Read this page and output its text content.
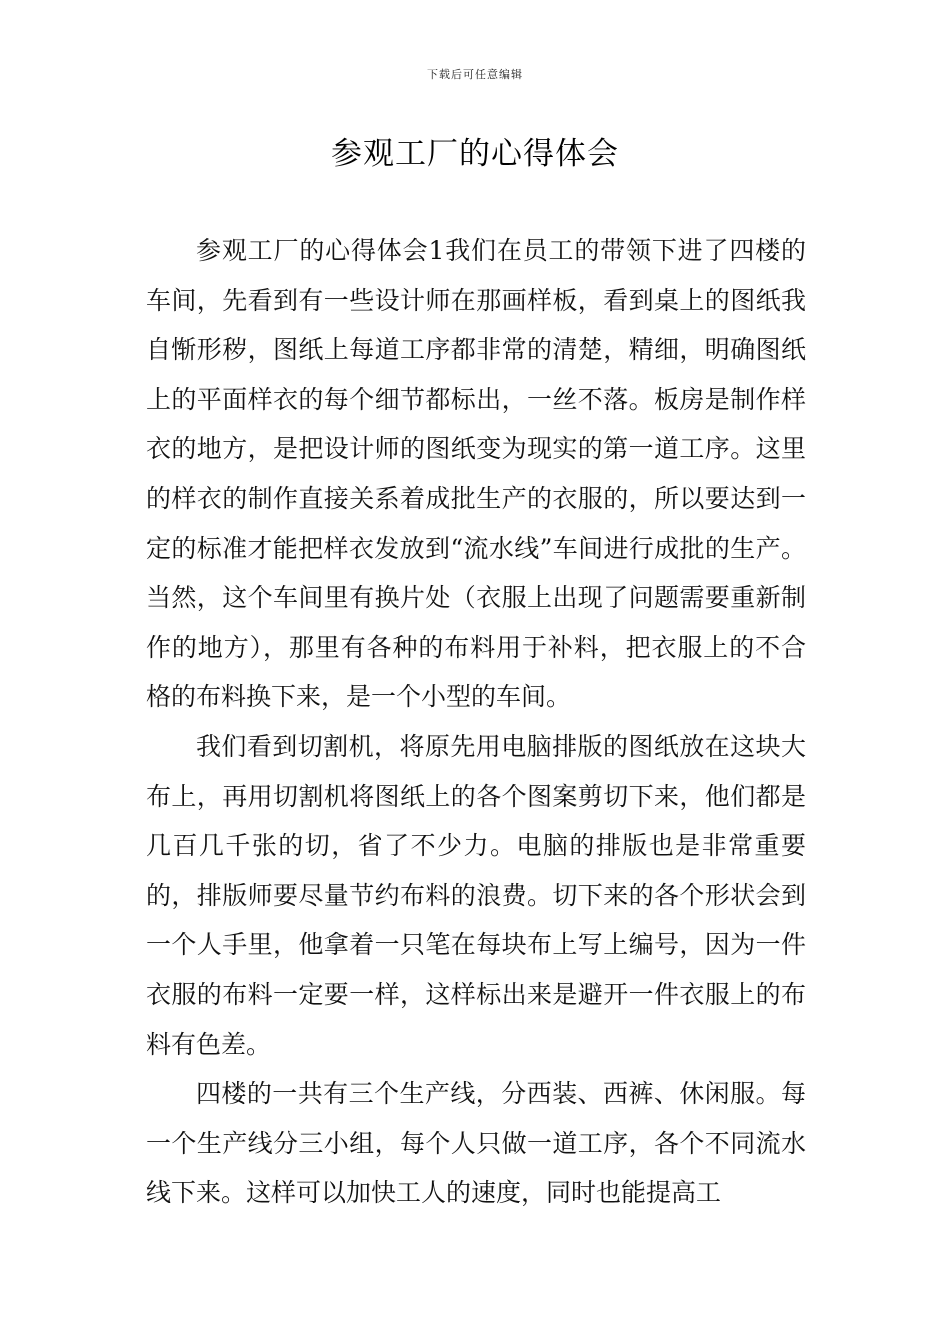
下载后可任意编辑
参观工厂的心得体会

参观工厂的心得体会1我们在员工的带领下进了四楼的车间，先看到有一些设计师在那画样板，看到桌上的图纸我自惭形秽，图纸上每道工序都非常的清楚，精细，明确图纸上的平面样衣的每个细节都标出，一丝不落。板房是制作样衣的地方，是把设计师的图纸变为现实的第一道工序。这里的样衣的制作直接关系着成批生产的衣服的，所以要达到一定的标准才能把样衣发放到“流水线”车间进行成批的生产。当然，这个车间里有换片处（衣服上出现了问题需要重新制作的地方），那里有各种的布料用于补料，把衣服上的不合格的布料换下来，是一个小型的车间。

我们看到切割机，将原先用电脑排版的图纸放在这块大布上，再用切割机将图纸上的各个图案剪切下来，他们都是几百几千张的切，省了不少力。电脑的排版也是非常重要的，排版师要尽量节约布料的浪费。切下来的各个形状会到一个人手里，他拿着一只笔在每块布上写上编号，因为一件衣服的布料一定要一样，这样标出来是避开一件衣服上的布料有色差。

四楼的一共有三个生产线，分西装、西裤、休闲服。每一个生产线分三小组，每个人只做一道工序，各个不同流水线下来。这样可以加快工人的速度，同时也能提高工
